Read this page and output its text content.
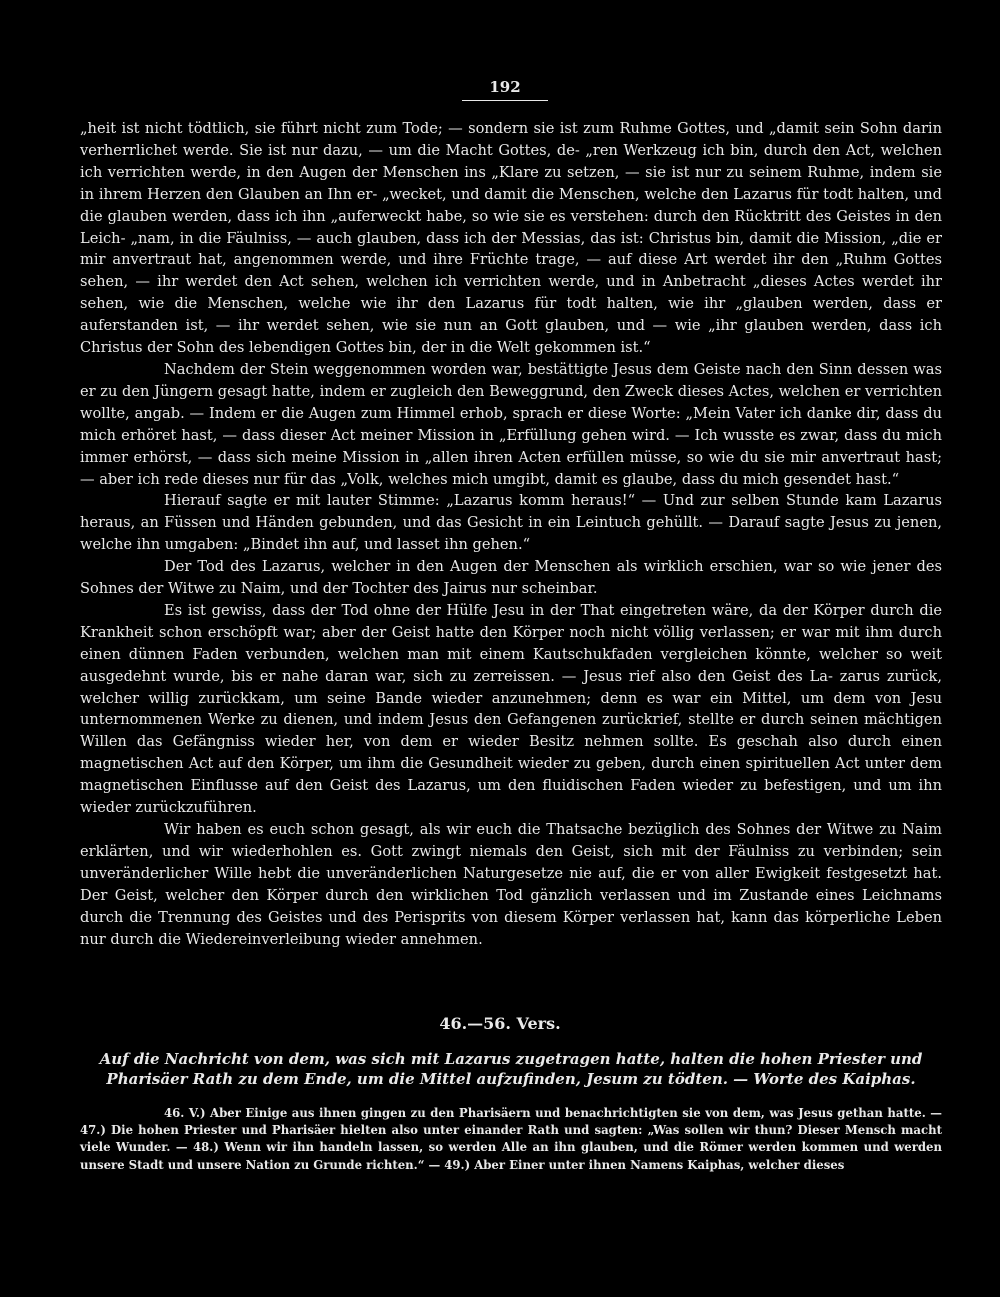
192

„heit ist nicht tödtlich, sie führt nicht zum Tode; — sondern sie ist zum Ruhme Gottes, und „damit sein Sohn darin verherrlichet werde. Sie ist nur dazu, — um die Macht Gottes, de- „ren Werkzeug ich bin, durch den Act, welchen ich verrichten werde, in den Augen der Menschen ins „Klare zu setzen, — sie ist nur zu seinem Ruhme, indem sie in ihrem Herzen den Glauben an Ihn er- „wecket, und damit die Menschen, welche den Lazarus für todt halten, und die glauben werden, dass ich ihn „auferweckt habe, so wie sie es verstehen: durch den Rücktritt des Geistes in den Leich- „nam, in die Fäulniss, — auch glauben, dass ich der Messias, das ist: Christus bin, damit die Mission, „die er mir anvertraut hat, angenommen werde, und ihre Früchte trage, — auf diese Art werdet ihr den „Ruhm Gottes sehen, — ihr werdet den Act sehen, welchen ich verrichten werde, und in Anbetracht „dieses Actes werdet ihr sehen, wie die Menschen, welche wie ihr den Lazarus für todt halten, wie ihr „glauben werden, dass er auferstanden ist, — ihr werdet sehen, wie sie nun an Gott glauben, und — wie „ihr glauben werden, dass ich Christus der Sohn des lebendigen Gottes bin, der in die Welt gekommen ist.“

Nachdem der Stein weggenommen worden war, bestättigte Jesus dem Geiste nach den Sinn dessen was er zu den Jüngern gesagt hatte, indem er zugleich den Beweggrund, den Zweck dieses Actes, welchen er verrichten wollte, angab. — Indem er die Augen zum Himmel erhob, sprach er diese Worte: „Mein Vater ich danke dir, dass du mich erhöret hast, — dass dieser Act meiner Mission in „Erfüllung gehen wird. — Ich wusste es zwar, dass du mich immer erhörst, — dass sich meine Mission in „allen ihren Acten erfüllen müsse, so wie du sie mir anvertraut hast; — aber ich rede dieses nur für das „Volk, welches mich umgibt, damit es glaube, dass du mich gesendet hast.“

Hierauf sagte er mit lauter Stimme: „Lazarus komm heraus!“ — Und zur selben Stunde kam Lazarus heraus, an Füssen und Händen gebunden, und das Gesicht in ein Leintuch gehüllt. — Darauf sagte Jesus zu jenen, welche ihn umgaben: „Bindet ihn auf, und lasset ihn gehen.“

Der Tod des Lazarus, welcher in den Augen der Menschen als wirklich erschien, war so wie jener des Sohnes der Witwe zu Naim, und der Tochter des Jairus nur scheinbar.

Es ist gewiss, dass der Tod ohne der Hülfe Jesu in der That eingetreten wäre, da der Körper durch die Krankheit schon erschöpft war; aber der Geist hatte den Körper noch nicht völlig verlassen; er war mit ihm durch einen dünnen Faden verbunden, welchen man mit einem Kautschukfaden vergleichen könnte, welcher so weit ausgedehnt wurde, bis er nahe daran war, sich zu zerreissen. — Jesus rief also den Geist des La- zarus zurück, welcher willig zurückkam, um seine Bande wieder anzunehmen; denn es war ein Mittel, um dem von Jesu unternommenen Werke zu dienen, und indem Jesus den Gefangenen zurückrief, stellte er durch seinen mächtigen Willen das Gefängniss wieder her, von dem er wieder Besitz nehmen sollte. Es geschah also durch einen magnetischen Act auf den Körper, um ihm die Gesundheit wieder zu geben, durch einen spirituellen Act unter dem magnetischen Einflusse auf den Geist des Lazarus, um den fluidischen Faden wieder zu befestigen, und um ihn wieder zurückzuführen.

Wir haben es euch schon gesagt, als wir euch die Thatsache bezüglich des Sohnes der Witwe zu Naim erklärten, und wir wiederhohlen es. Gott zwingt niemals den Geist, sich mit der Fäulniss zu verbinden; sein unveränderlicher Wille hebt die unveränderlichen Naturgesetze nie auf, die er von aller Ewigkeit festgesetzt hat. Der Geist, welcher den Körper durch den wirklichen Tod gänzlich verlassen und im Zustande eines Leichnams durch die Trennung des Geistes und des Perisprits von diesem Körper verlassen hat, kann das körperliche Leben nur durch die Wiedereinverleibung wieder annehmen.

46.—56. Vers.
Auf die Nachricht von dem, was sich mit Lazarus zugetragen hatte, halten die hohen Priester und Pharisäer Rath zu dem Ende, um die Mittel aufzufinden, Jesum zu tödten. — Worte des Kaiphas.
46. V.) Aber Einige aus ihnen gingen zu den Pharisäern und benachrichtigten sie von dem, was Jesus gethan hatte. — 47.) Die hohen Priester und Pharisäer hielten also unter einander Rath und sagten: „Was sollen wir thun? Dieser Mensch macht viele Wunder. — 48.) Wenn wir ihn handeln lassen, so werden Alle an ihn glauben, und die Römer werden kommen und werden unsere Stadt und unsere Nation zu Grunde richten.“ — 49.) Aber Einer unter ihnen Namens Kaiphas, welcher dieses
